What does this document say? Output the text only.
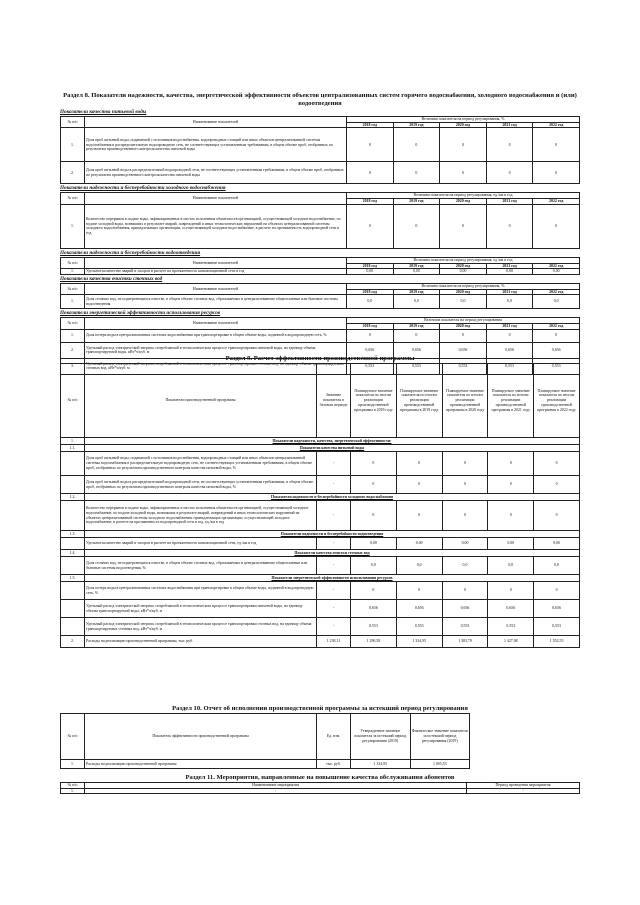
Раздел 8. Показатели надежности, качества, энергетической эффективности объектов централизованных систем горячего водоснабжения, холодного водоснабжения и (или) водоотведения
Показатели качества питьевой воды
№ п/п	Наименование показателей	Величина показателя на период регулирования, %				
		2018 год	2019 год	2020 год	2021 год	2022 год
1.	Доля проб питьевой воды, подаваемой с источников водоснабжения, водопроводных станций или иных объектов централизованной системы водоснабжения в распределительную водопроводную сеть, не соответствующих установленным требованиям, в общем объеме проб, отобранных по результатам производственного контроля качества питьевой воды	0	0	0	0	0
2.	Доля проб питьевой воды в распределительной водопроводной сети, не соответствующих установленным требованиям, в общем объеме проб, отобранных по результатам производственного контроля качества питьевой воды	0	0	0	0	0
Показатели надежности и бесперебойности холодного водоснабжения
№ п/п	Наименование показателей	Величина показателя на период регулирования, ед./км в год				
		2018 год	2019 год	2020 год	2021 год	2022 год
1.	Количество перерывов в подаче воды, зафиксированных в местах исполнения обязательств организацией, осуществляющей холодное водоснабжение, по подаче холодной воды, возникших в результате аварий, повреждений и иных технологических нарушений на объектах централизованной системы холодного водоснабжения, принадлежащих организации, осуществляющей холодное водоснабжение, в расчете на протяженность водопроводной сети в год	0	0	0	0	0
Показатели надежности и бесперебойности водоотведения
№ п/п	Наименование показателей	Величина показателя на период регулирования, ед./км в год				
		2018 год	2019 год	2020 год	2021 год	2022 год
1.	Удельное количество аварий и засоров в расчете на протяженность канализационной сети в год	0,00	0,00	0,00	0,00	0,00
Показатели качества очистки сточных вод
№ п/п	Наименование показателей	Величина показателя на период регулирования, %				
		2018 год	2019 год	2020 год	2021 год	2022 год
1.	Доля сточных вод, не подвергающихся очистке, в общем объеме сточных вод, сбрасываемых в централизованные общесплавные или бытовые системы водоотведения	0,0	0,0	0,0	0,0	0,0
Показатели энергетической эффективности использования ресурсов
№ п/п	Наименование показателей	Величина показателя на период регулирования				
		2018 год	2019 год	2020 год	2021 год	2022 год
1.	Доля потерь воды в централизованных системах водоснабжения при транспортировке в общем объеме воды, поданной в водопроводную сеть, %	0	0	0	0	0
2.	Удельный расход электрической энергии, потребляемой в технологическом процессе транспортировки питьевой воды, на единицу объема транспортируемой воды, кВт*ч/куб. м	0,656	0,656	0,656	0,656	0,656
3.	Удельный расход электрической энергии, потребляемой в технологическом процессе транспортировки сточных вод, на единицу объема транспортируемых сточных вод, кВт*ч/куб. м	0,553	0,553	0,553	0,553	0,553
Раздел 9. Расчет эффективности производственной программы
№ п/п	Показатели производственной программы	Значение показателя в базовом периоде	Планируемое значение показателя по итогам реализации производственной программы в 2018 году	Планируемое значение показателя по итогам реализации производственной программы в 2019 году	Планируемое значение показателя по итогам реализации производственной программы в 2020 году	Планируемое значение показателя по итогам реализации производственной программы в 2021 году	Планируемое значение показателя по итогам реализации производственной программы в 2022 году
1.	Показатели надежности, качества, энергетической эффективности:						
1.1.	Показатели качества питьевой воды						
	Доля проб питьевой воды, подаваемой с источников водоснабжения, водопроводных станций или иных объектов централизованной системы водоснабжения в распределительную водопроводную сеть, не соответствующих установленным требованиям, в общем объеме проб, отобранных по результатам производственного контроля качества питьевой воды, %	-	0	0	0	0	0
	Доля проб питьевой воды в распределительной водопроводной сети, не соответствующих установленным требованиям, в общем объеме проб, отобранных по результатам производственного контроля качества питьевой воды, %	-	0	0	0	0	0
1.2.	Показатели надежности и бесперебойности холодного водоснабжения						
	Количество перерывов в подаче воды, зафиксированных в местах исполнения обязательств организацией, осуществляющей холодное водоснабжение, по подаче холодной воды, возникших в результате аварий, повреждений и иных технологических нарушений на объектах централизованной системы холодного водоснабжения, принадлежащих организации, осуществляющей холодное водоснабжение, в расчете на протяженность водопроводной сети в год, ед./км в год	-	0	0	0	0	0
1.3.	Показатели надежности и бесперебойности водоотведения						
	Удельное количество аварий и засоров в расчете на протяженность канализационной сети, ед./км в год	-	0,00	0,00	0,00	0,00	0,00
1.4.	Показатели качества очистки сточных вод						
	Доля сточных вод, не подвергающихся очистке, в общем объеме сточных вод, сбрасываемых в централизованные общесплавные или бытовые системы водоотведения, %	-	0,0	0,0	0,0	0,0	0,0
1.5.	Показатели энергетической эффективности использования ресурсов						
	Доля потерь воды в централизованных системах водоснабжения при транспортировке в общем объеме воды, поданной в водопроводную сеть, %	-	0	0	0	0	0
	Удельный расход электрической энергии, потребляемой в технологическом процессе транспортировки питьевой воды, на единицу объема транспортируемой воды, кВт*ч/куб. м	-	0,656	0,656	0,656	0,656	0,656
	Удельный расход электрической энергии, потребляемой в технологическом процессе транспортировки сточных вод, на единицу объема транспортируемых сточных вод, кВт*ч/куб. м	-	0,553	0,553	0,553	0,553	0,553
2.	Расходы на реализацию производственной программы, тыс. руб.	1 238,11	1 290,58	1 334,95	1 383,79	1 427,08	1 552,55
Раздел 10. Отчет об исполнении производственной программы за истекший период регулирования
№ п/п	Показатель эффективности производственной программы	Ед. изм.	Утвержденное значение показателя за истекший период регулирования (2019)	Фактическое значение показателя за истекший период регулирования (2019)
1.	Расходы на реализацию производственной программы	тыс. руб.	1 334,95	1 005,53
Раздел 11. Мероприятия, направленные на повышение качества обслуживания абонентов
№ п/п	Наименование мероприятия	Период проведения мероприятия
1.	-	-
